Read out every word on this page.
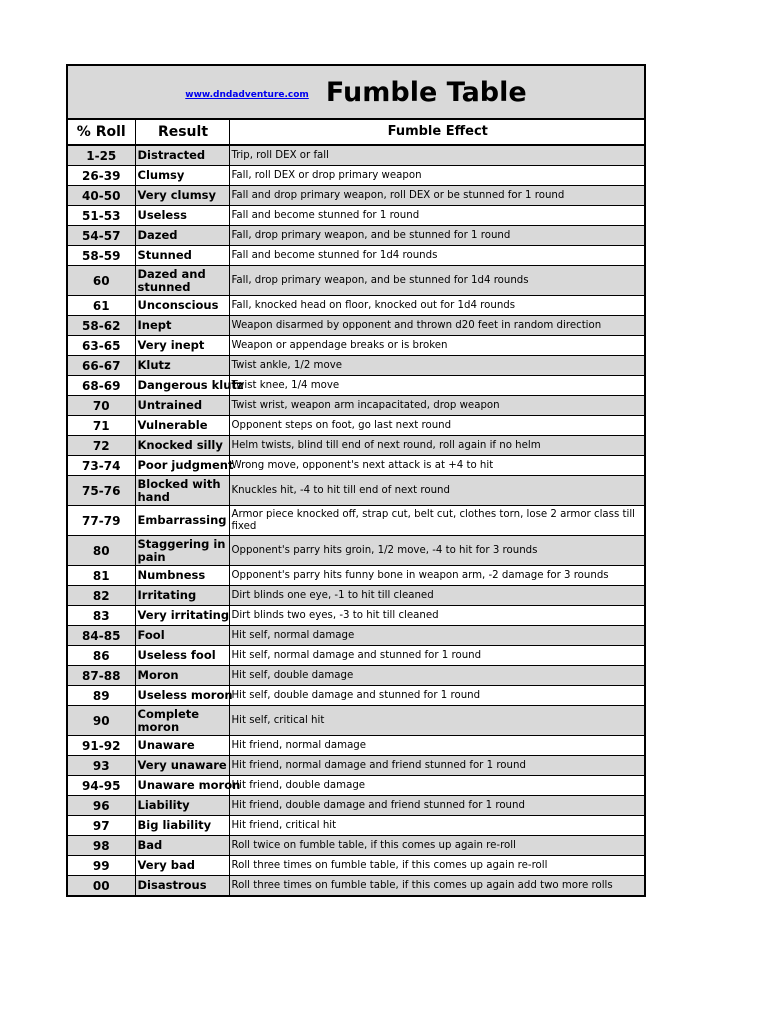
$^{www.dndadventure.com}$ Fumble Table		
% Roll	Result	Fumble Effect
1-25	Distracted	Trip, roll DEX or fall
26-39	Clumsy	Fall, roll DEX or drop primary weapon
40-50	Very clumsy	Fall and drop primary weapon, roll DEX or be stunned for 1 round
51-53	Useless	Fall and become stunned for 1 round
54-57	Dazed	Fall, drop primary weapon, and be stunned for 1 round
58-59	Stunned	Fall and become stunned for 1d4 rounds
60	Dazed and stunned	Fall, drop primary weapon, and be stunned for 1d4 rounds
61	Unconscious	Fall, knocked head on floor, knocked out for 1d4 rounds
58-62	Inept	Weapon disarmed by opponent and thrown d20 feet in random direction
63-65	Very inept	Weapon or appendage breaks or is broken
66-67	Klutz	Twist ankle, 1/2 move
68-69	Dangerous klutz	Twist knee, 1/4 move
70	Untrained	Twist wrist, weapon arm incapacitated, drop weapon
71	Vulnerable	Opponent steps on foot, go last next round
72	Knocked silly	Helm twists, blind till end of next round, roll again if no helm
73-74	Poor judgment	Wrong move, opponent's next attack is at +4 to hit
75-76	Blocked with hand	Knuckles hit, -4 to hit till end of next round
77-79	Embarrassing	Armor piece knocked off, strap cut, belt cut, clothes torn, lose 2 armor class till fixed
80	Staggering in pain	Opponent's parry hits groin, 1/2 move, -4 to hit for 3 rounds
81	Numbness	Opponent's parry hits funny bone in weapon arm, -2 damage for 3 rounds
82	Irritating	Dirt blinds one eye, -1 to hit till cleaned
83	Very irritating	Dirt blinds two eyes, -3 to hit till cleaned
84-85	Fool	Hit self, normal damage
86	Useless fool	Hit self, normal damage and stunned for 1 round
87-88	Moron	Hit self, double damage
89	Useless moron	Hit self, double damage and stunned for 1 round
90	Complete moron	Hit self, critical hit
91-92	Unaware	Hit friend, normal damage
93	Very unaware	Hit friend, normal damage and friend stunned for 1 round
94-95	Unaware moron	Hit friend, double damage
96	Liability	Hit friend, double damage and friend stunned for 1 round
97	Big liability	Hit friend, critical hit
98	Bad	Roll twice on fumble table, if this comes up again re-roll
99	Very bad	Roll three times on fumble table, if this comes up again re-roll
00	Disastrous	Roll three times on fumble table, if this comes up again add two more rolls
